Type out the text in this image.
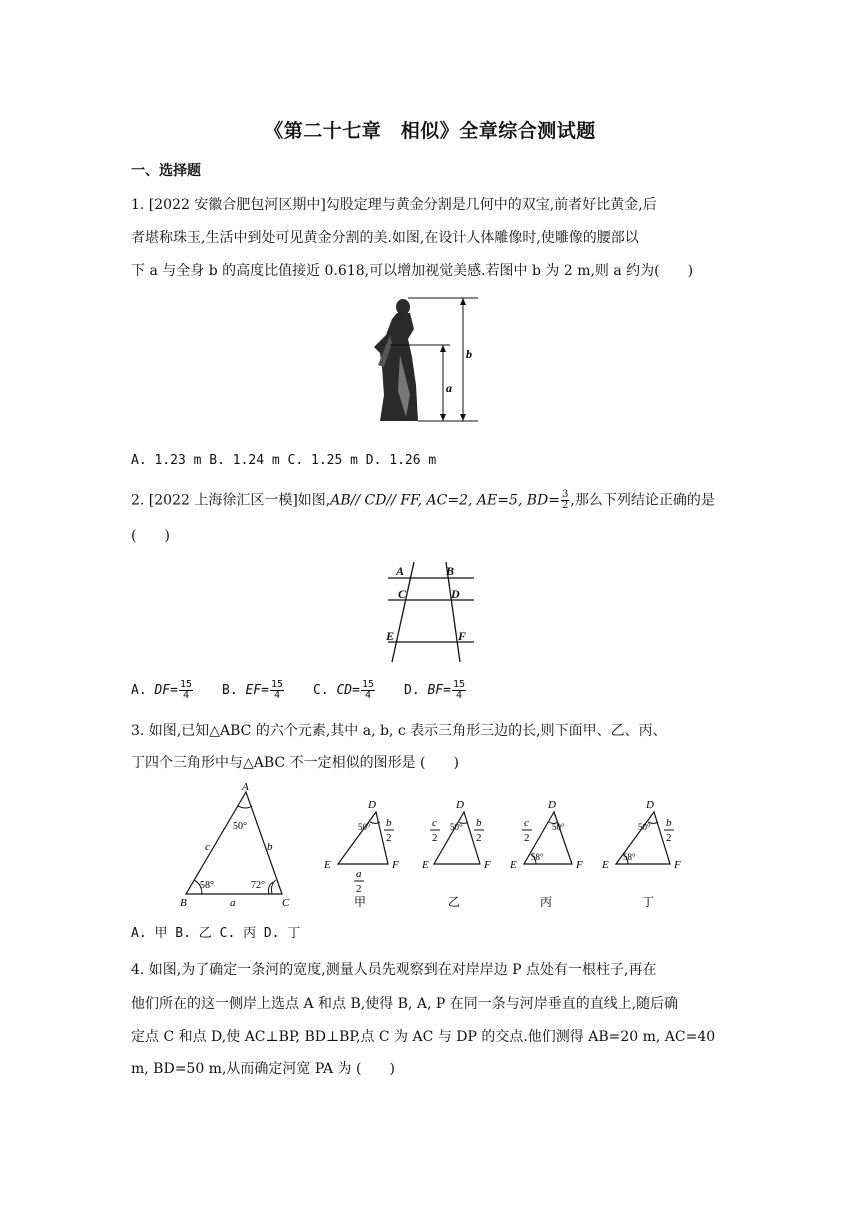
《第二十七章　相似》全章综合测试题
一、选择题
1. [2022 安徽合肥包河区期中]勾股定理与黄金分割是几何中的双宝,前者好比黄金,后
者堪称珠玉,生活中到处可见黄金分割的美.如图,在设计人体雕像时,使雕像的腰部以
下 a 与全身 b 的高度比值接近 0.618,可以增加视觉美感.若图中 b 为 2 m,则 a 约为(　　)
b
a
A. 1.23 m B. 1.24 m C. 1.25 m D. 1.26 m
2. [2022 上海徐汇区一模]如图,AB// CD// FF, AC=2, AE=5, $BD= \frac{3}{2}$ ,那么下列结论正确的是
(　　)
A	B
C	D
E	F
A. $DF= \frac{15}{4} B$. $EF= \frac{15}{4} C$. $CD= \frac{15}{4} D$. $BF= \frac{15}{4}$
3. 如图,已知△ABC 的六个元素,其中 a, b, c 表示三角形三边的长,则下面甲、乙、丙、
丁四个三角形中与△ABC 不一定相似的图形是 (　　)
A
B	C
c	b
a
50°
58°	72°
D
E	F
50° b
2
a
2
甲
D
E	F
50°
c
2
b
2
乙
D
E	F
50°
58°
c
2
丙
D
E	F
50°
58°
b
2
丁
A. 甲 B. 乙 C. 丙 D. 丁
4. 如图,为了确定一条河的宽度,测量人员先观察到在对岸岸边 P 点处有一根柱子,再在
他们所在的这一侧岸上选点 A 和点 B,使得 B, A, P 在同一条与河岸垂直的直线上,随后确
定点 C 和点 D,使 AC⊥BP, BD⊥BP,点 C 为 AC 与 DP 的交点.他们测得 AB=20 m, AC=40
m, BD=50 m,从而确定河宽 PA 为 (　　)
